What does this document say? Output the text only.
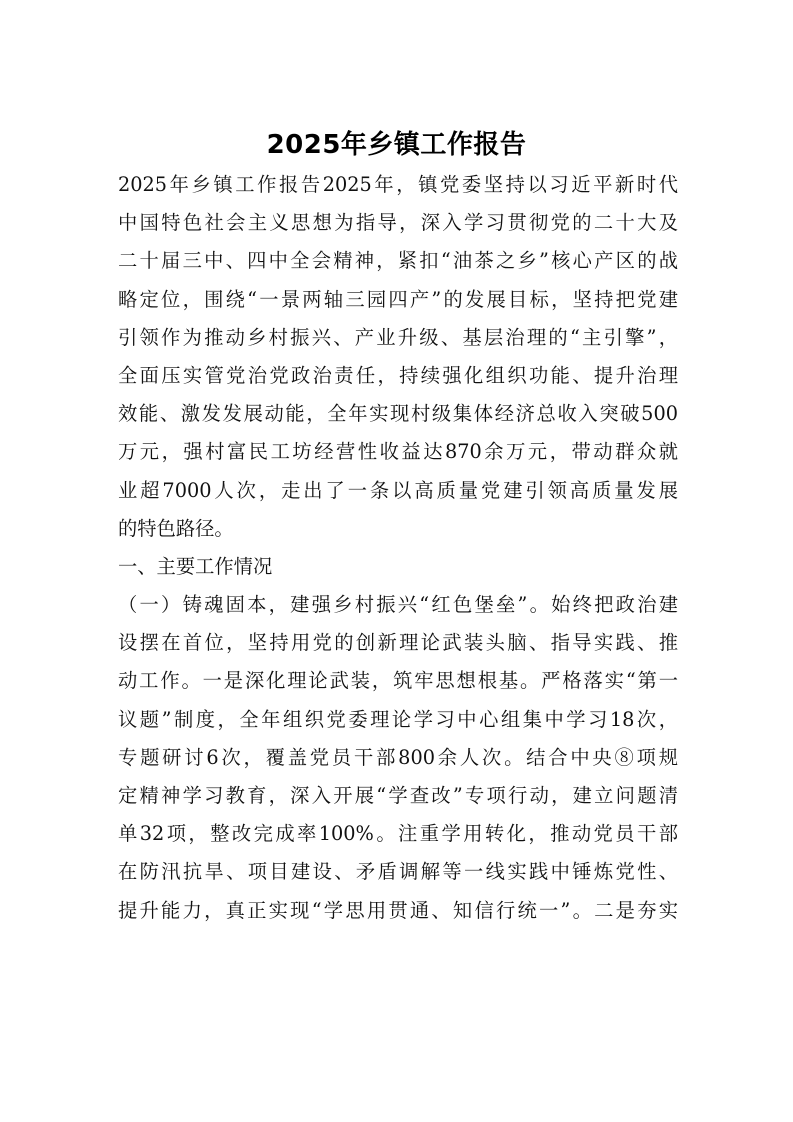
2025年乡镇工作报告
2025年乡镇工作报告2025年，镇党委坚持以习近平新时代
中国特色社会主义思想为指导，深入学习贯彻党的二十大及
二十届三中、四中全会精神，紧扣“油茶之乡”核心产区的战
略定位，围绕“一景两轴三园四产”的发展目标，坚持把党建
引领作为推动乡村振兴、产业升级、基层治理的“主引擎”，
全面压实管党治党政治责任，持续强化组织功能、提升治理
效能、激发发展动能，全年实现村级集体经济总收入突破500
万元，强村富民工坊经营性收益达870余万元，带动群众就
业超7000人次，走出了一条以高质量党建引领高质量发展
的特色路径。
一、主要工作情况
（一）铸魂固本，建强乡村振兴“红色堡垒”。始终把政治建
设摆在首位，坚持用党的创新理论武装头脑、指导实践、推
动工作。一是深化理论武装，筑牢思想根基。严格落实“第一
议题”制度，全年组织党委理论学习中心组集中学习18次，
专题研讨6次，覆盖党员干部800余人次。结合中央⑧项规
定精神学习教育，深入开展“学查改”专项行动，建立问题清
单32项，整改完成率100%。注重学用转化，推动党员干部
在防汛抗旱、项目建设、矛盾调解等一线实践中锤炼党性、
提升能力，真正实现“学思用贯通、知信行统一”。二是夯实
